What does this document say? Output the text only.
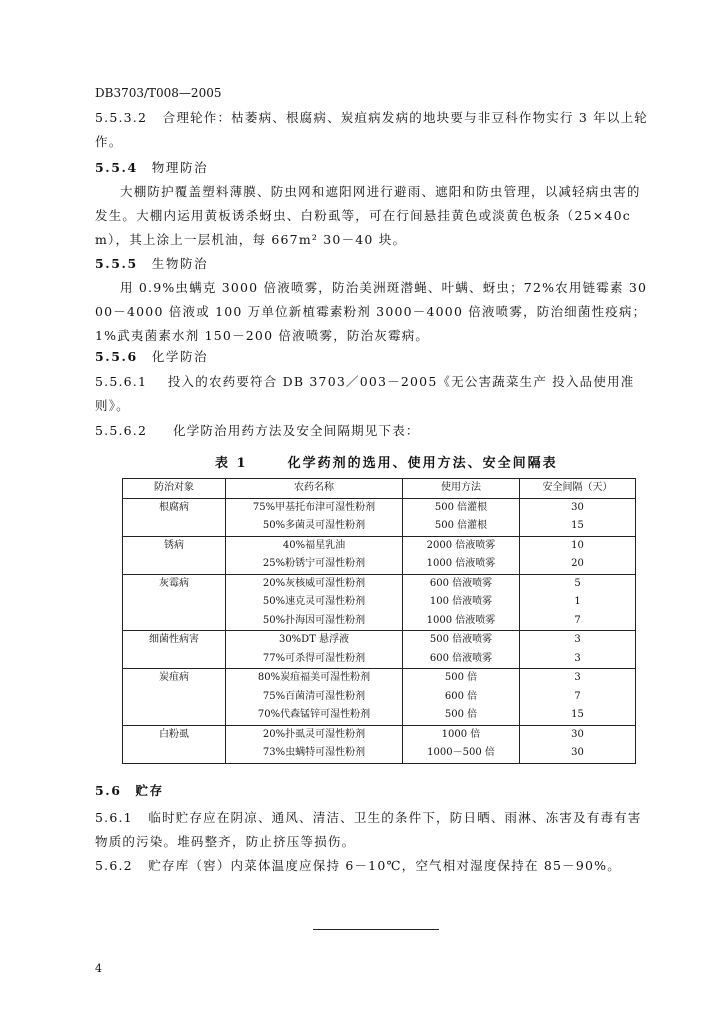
DB3703/T008—2005
5.5.3.2 合理轮作：枯萎病、根腐病、炭疽病发病的地块要与非豆科作物实行 3 年以上轮作。
5.5.4 物理防治
大棚防护覆盖塑料薄膜、防虫网和遮阳网进行避雨、遮阳和防虫管理，以减轻病虫害的发生。大棚内运用黄板诱杀蚜虫、白粉虱等，可在行间悬挂黄色或淡黄色板条（25×40cm），其上涂上一层机油，每 667m² 30－40 块。
5.5.5 生物防治
用 0.9%虫螨克 3000 倍液喷雾，防治美洲斑潜蝇、叶螨、蚜虫；72%农用链霉素 3000－4000 倍液或 100 万单位新植霉素粉剂 3000－4000 倍液喷雾，防治细菌性疫病；1%武夷菌素水剂 150－200 倍液喷雾，防治灰霉病。
5.5.6 化学防治
5.5.6.1 投入的农药要符合 DB 3703／003－2005《无公害蔬菜生产 投入品使用准则》。
5.5.6.2 化学防治用药方法及安全间隔期见下表：
表 1	化学药剂的选用、使用方法、安全间隔表
防治对象	农药名称	使用方法	安全间隔（天）
根腐病	75%甲基托布津可湿性粉剂	500 倍灌根	30
	50%多菌灵可湿性粉剂	500 倍灌根	15
锈病	40%福星乳油	2000 倍液喷雾	10
	25%粉锈宁可湿性粉剂	1000 倍液喷雾	20
灰霉病	20%灰核威可湿性粉剂	600 倍液喷雾	5
	50%速克灵可湿性粉剂	100 倍液喷雾	1
	50%扑海因可湿性粉剂	1000 倍液喷雾	7
细菌性病害	30%DT 悬浮液	500 倍液喷雾	3
	77%可杀得可湿性粉剂	600 倍液喷雾	3
炭疽病	80%炭疽福美可湿性粉剂	500 倍	3
	75%百菌清可湿性粉剂	600 倍	7
	70%代森锰锌可湿性粉剂	500 倍	15
白粉虱	20%扑虱灵可湿性粉剂	1000 倍	30
	73%虫螨特可湿性粉剂	1000－500 倍	30
5.6 贮存
5.6.1 临时贮存应在阴凉、通风、清洁、卫生的条件下，防日晒、雨淋、冻害及有毒有害物质的污染。堆码整齐，防止挤压等损伤。
5.6.2 贮存库（窖）内菜体温度应保持 6－10℃，空气相对湿度保持在 85－90%。
4
